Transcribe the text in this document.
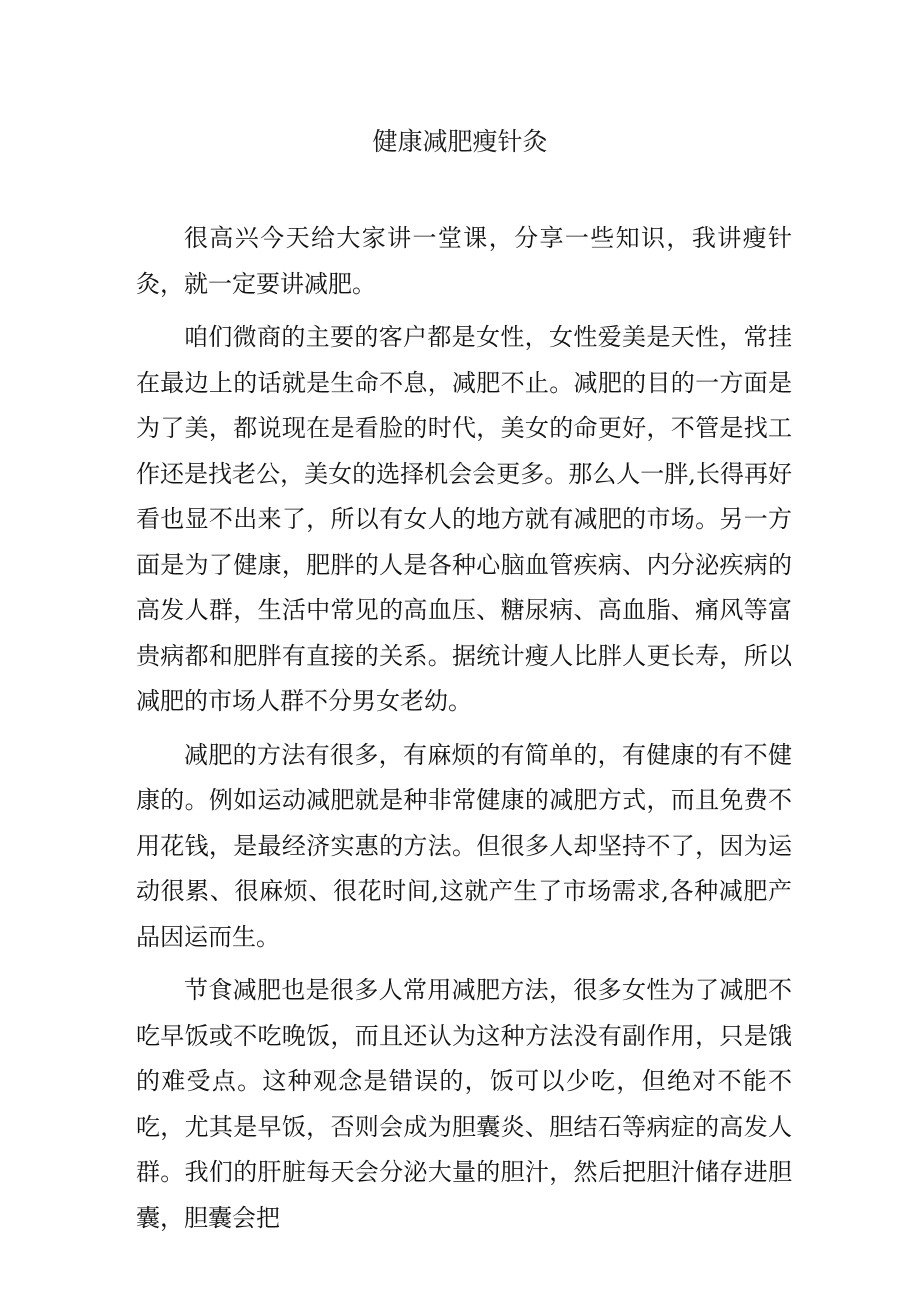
健康减肥瘦针灸

很高兴今天给大家讲一堂课，分享一些知识，我讲瘦针灸，就一定要讲减肥。

咱们微商的主要的客户都是女性，女性爱美是天性，常挂在最边上的话就是生命不息，减肥不止。减肥的目的一方面是为了美，都说现在是看脸的时代，美女的命更好，不管是找工作还是找老公，美女的选择机会会更多。那么人一胖,长得再好看也显不出来了，所以有女人的地方就有减肥的市场。另一方面是为了健康，肥胖的人是各种心脑血管疾病、内分泌疾病的高发人群，生活中常见的高血压、糖尿病、高血脂、痛风等富贵病都和肥胖有直接的关系。据统计瘦人比胖人更长寿，所以减肥的市场人群不分男女老幼。

减肥的方法有很多，有麻烦的有简单的，有健康的有不健康的。例如运动减肥就是种非常健康的减肥方式，而且免费不用花钱，是最经济实惠的方法。但很多人却坚持不了，因为运动很累、很麻烦、很花时间,这就产生了市场需求,各种减肥产品因运而生。

节食减肥也是很多人常用减肥方法，很多女性为了减肥不吃早饭或不吃晚饭，而且还认为这种方法没有副作用，只是饿的难受点。这种观念是错误的，饭可以少吃，但绝对不能不吃，尤其是早饭，否则会成为胆囊炎、胆结石等病症的高发人群。我们的肝脏每天会分泌大量的胆汁，然后把胆汁储存进胆囊，胆囊会把
